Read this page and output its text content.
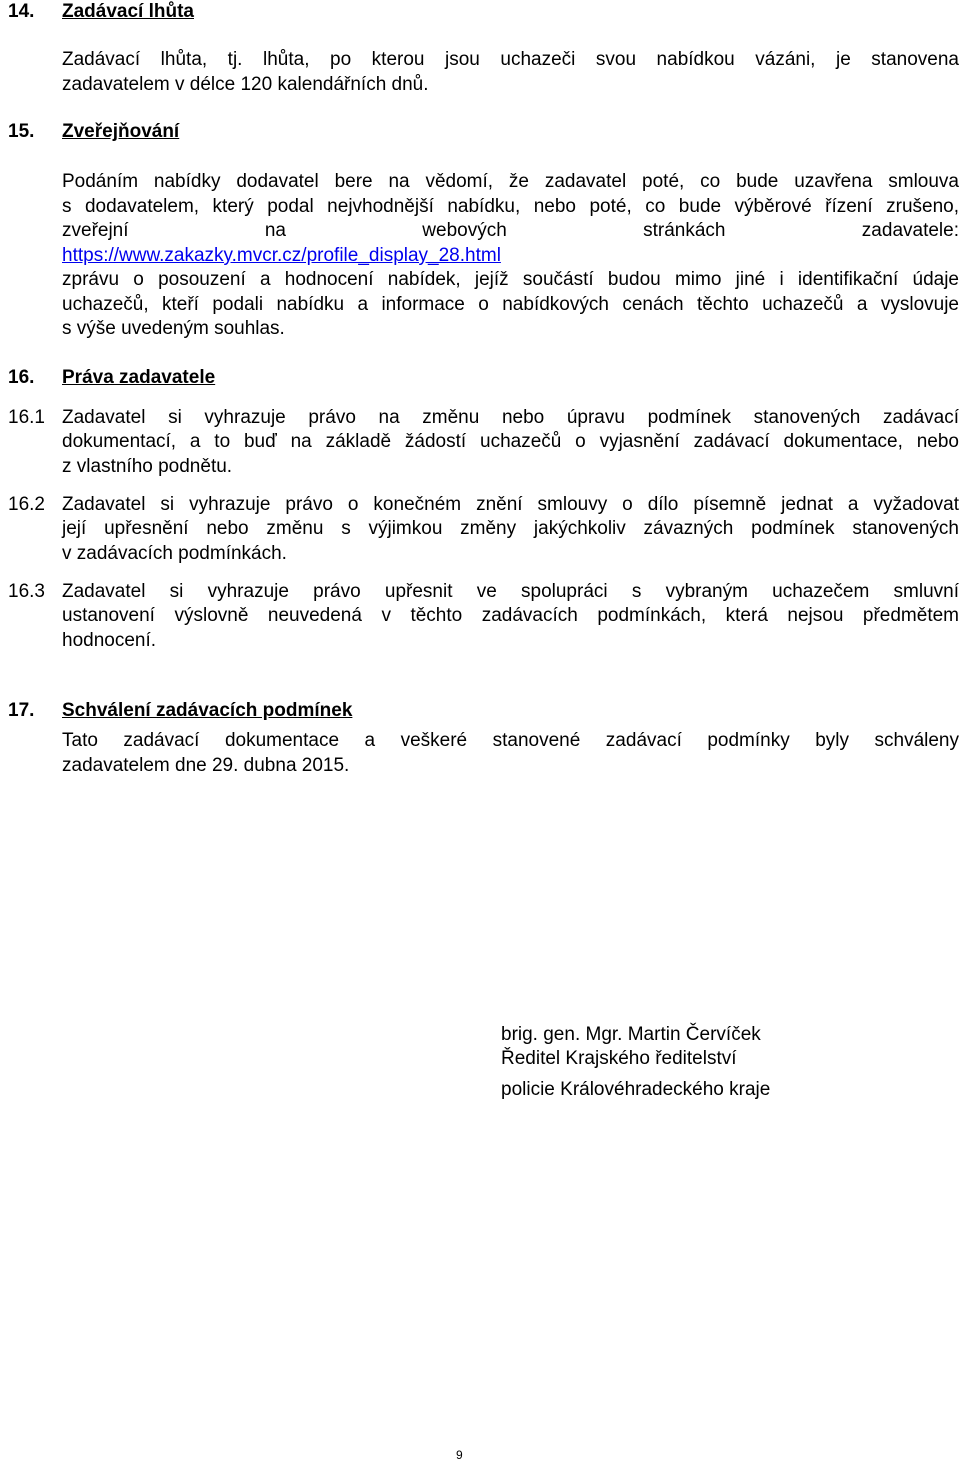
14. Zadávací lhůta
Zadávací lhůta, tj. lhůta, po kterou jsou uchazeči svou nabídkou vázáni, je stanovena
zadavatelem v délce 120 kalendářních dnů.
15. Zveřejňování
Podáním nabídky dodavatel bere na vědomí, že zadavatel poté, co bude uzavřena smlouva
s dodavatelem, který podal nejvhodnější nabídku, nebo poté, co bude výběrové řízení zrušeno,
zveřejní na webových stránkách zadavatele:
https://www.zakazky.mvcr.cz/profile_display_28.html
zprávu o posouzení a hodnocení nabídek, jejíž součástí budou mimo jiné i identifikační údaje
uchazečů, kteří podali nabídku a informace o nabídkových cenách těchto uchazečů a vyslovuje
s výše uvedeným souhlas.
16. Práva zadavatele
16.1 Zadavatel si vyhrazuje právo na změnu nebo úpravu podmínek stanovených zadávací
dokumentací, a to buď na základě žádostí uchazečů o vyjasnění zadávací dokumentace, nebo
z vlastního podnětu.
16.2 Zadavatel si vyhrazuje právo o konečném znění smlouvy o dílo písemně jednat a vyžadovat
její upřesnění nebo změnu s výjimkou změny jakýchkoliv závazných podmínek stanovených
v zadávacích podmínkách.
16.3 Zadavatel si vyhrazuje právo upřesnit ve spolupráci s vybraným uchazečem smluvní
ustanovení výslovně neuvedená v těchto zadávacích podmínkách, která nejsou předmětem
hodnocení.
17. Schválení zadávacích podmínek
Tato zadávací dokumentace a veškeré stanovené zadávací podmínky byly schváleny
zadavatelem dne 29. dubna 2015.
brig. gen. Mgr. Martin Červíček
Ředitel Krajského ředitelství
policie Královéhradeckého kraje
9
